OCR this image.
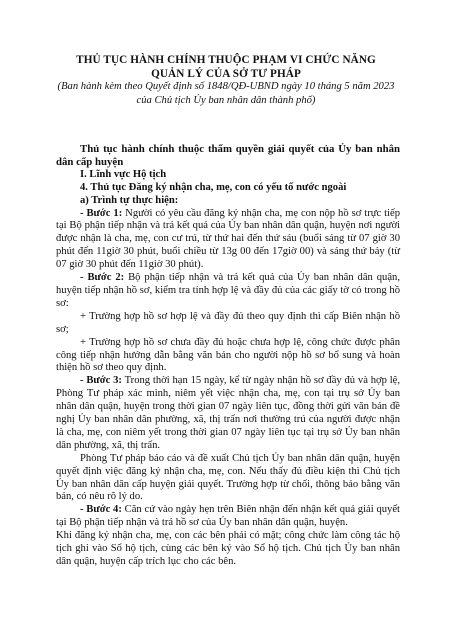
THỦ TỤC HÀNH CHÍNH THUỘC PHẠM VI CHỨC NĂNG
QUẢN LÝ CỦA SỞ TƯ PHÁP
(Ban hành kèm theo Quyết định số 1848/QĐ-UBND ngày 10 tháng 5 năm 2023
của Chủ tịch Ủy ban nhân dân thành phố)

Thủ tục hành chính thuộc thẩm quyền giải quyết của Ủy ban nhân dân cấp huyện

I. Lĩnh vực Hộ tịch

4. Thủ tục Đăng ký nhận cha, mẹ, con có yếu tố nước ngoài

a) Trình tự thực hiện:

- Bước 1: Người có yêu cầu đăng ký nhận cha, mẹ con nộp hồ sơ trực tiếp tại Bộ phận tiếp nhận và trả kết quả của Ủy ban nhân dân quận, huyện nơi người được nhận là cha, mẹ, con cư trú, từ thứ hai đến thứ sáu (buổi sáng từ 07 giờ 30 phút đến 11giờ 30 phút, buổi chiều từ 13g 00 đến 17giờ 00) và sáng thứ bảy (từ 07 giờ 30 phút đến 11giờ 30 phút).

- Bước 2: Bộ phận tiếp nhận và trả kết quả của Ủy ban nhân dân quận, huyện tiếp nhận hồ sơ, kiểm tra tính hợp lệ và đầy đủ của các giấy tờ có trong hồ sơ:

+ Trường hợp hồ sơ hợp lệ và đầy đủ theo quy định thì cấp Biên nhận hồ sơ;

+ Trường hợp hồ sơ chưa đầy đủ hoặc chưa hợp lệ, công chức được phân công tiếp nhận hướng dẫn bằng văn bản cho người nộp hồ sơ bổ sung và hoàn thiện hồ sơ theo quy định.

- Bước 3: Trong thời hạn 15 ngày, kể từ ngày nhận hồ sơ đầy đủ và hợp lệ, Phòng Tư pháp xác minh, niêm yết việc nhận cha, mẹ, con tại trụ sở Ủy ban nhân dân quận, huyện trong thời gian 07 ngày liên tục, đồng thời gửi văn bản đề nghị Ủy ban nhân dân phường, xã, thị trấn nơi thường trú của người được nhận là cha, mẹ, con niêm yết trong thời gian 07 ngày liên tục tại trụ sở Ủy ban nhân dân phường, xã, thị trấn.

Phòng Tư pháp báo cáo và đề xuất Chủ tịch Ủy ban nhân dân quận, huyện quyết định việc đăng ký nhận cha, mẹ, con. Nếu thấy đủ điều kiện thì Chủ tịch Ủy ban nhân dân cấp huyện giải quyết. Trường hợp từ chối, thông báo bằng văn bản, có nêu rõ lý do.

- Bước 4: Căn cứ vào ngày hẹn trên Biên nhận đến nhận kết quả giải quyết tại Bộ phận tiếp nhận và trả hồ sơ của Ủy ban nhân dân quận, huyện.

Khi đăng ký nhận cha, mẹ, con các bên phải có mặt; công chức làm công tác hộ tịch ghi vào Sổ hộ tịch, cùng các bên ký vào Sổ hộ tịch. Chủ tịch Ủy ban nhân dân quận, huyện cấp trích lục cho các bên.
